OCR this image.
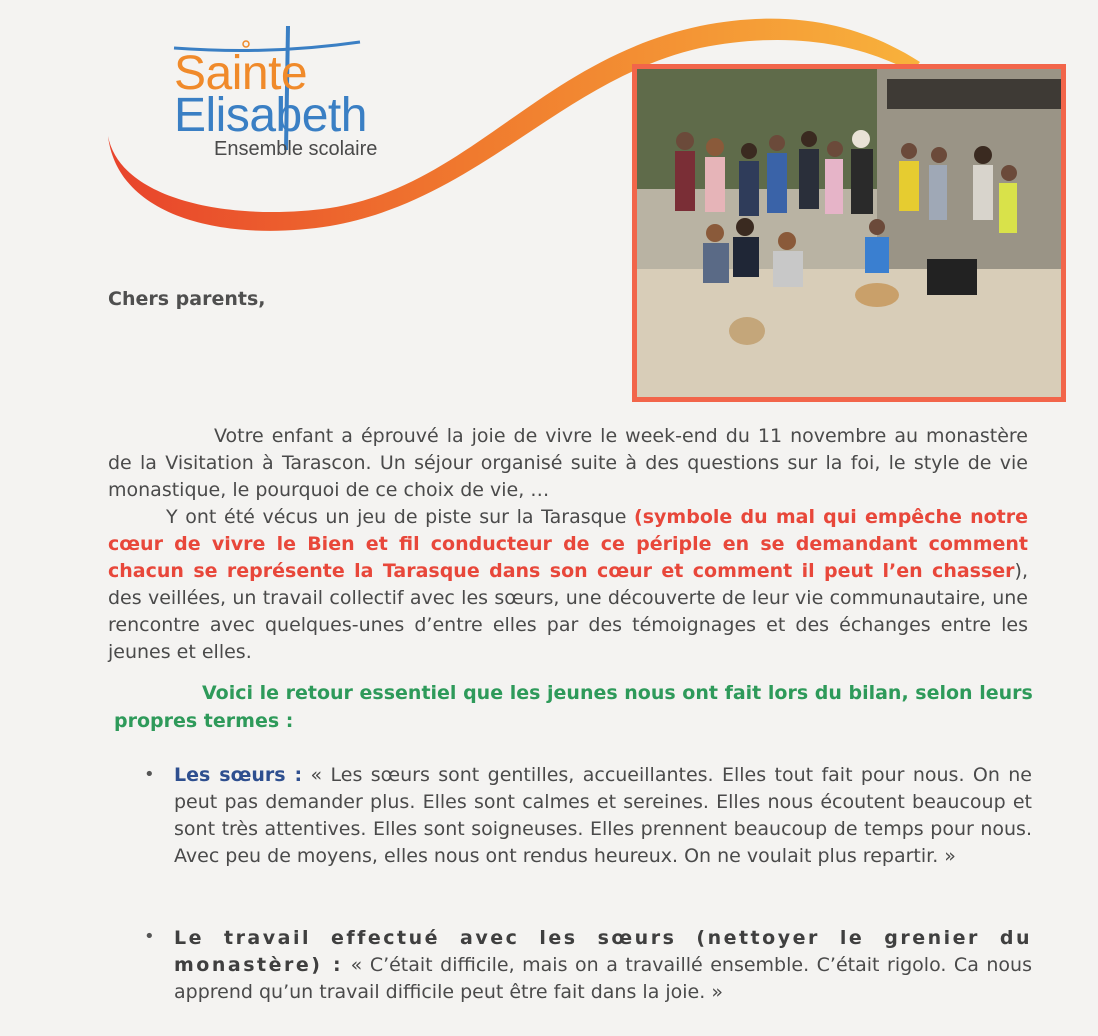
Sainte
Elisabeth
Ensemble scolaire
Chers parents,

Votre enfant a éprouvé la joie de vivre le week-end du 11 novembre au monastère de la Visitation à Tarascon. Un séjour organisé suite à des questions sur la foi, le style de vie monastique, le pourquoi de ce choix de vie, …

Y ont été vécus un jeu de piste sur la Tarasque (symbole du mal qui empêche notre cœur de vivre le Bien et fil conducteur de ce périple en se demandant comment chacun se représente la Tarasque dans son cœur et comment il peut l’en chasser), des veillées, un travail collectif avec les sœurs, une découverte de leur vie communautaire, une rencontre avec quelques-unes d’entre elles par des témoignages et des échanges entre les jeunes et elles.

Voici le retour essentiel que les jeunes nous ont fait lors du bilan, selon leurs propres termes :

• Les sœurs : « Les sœurs sont gentilles, accueillantes. Elles tout fait pour nous. On ne peut pas demander plus. Elles sont calmes et sereines. Elles nous écoutent beaucoup et sont très attentives. Elles sont soigneuses. Elles prennent beaucoup de temps pour nous. Avec peu de moyens, elles nous ont rendus heureux. On ne voulait plus repartir. »

• Le travail effectué avec les sœurs (nettoyer le grenier du monastère) : « C’était difficile, mais on a travaillé ensemble. C’était rigolo. Ca nous apprend qu’un travail difficile peut être fait dans la joie. »
